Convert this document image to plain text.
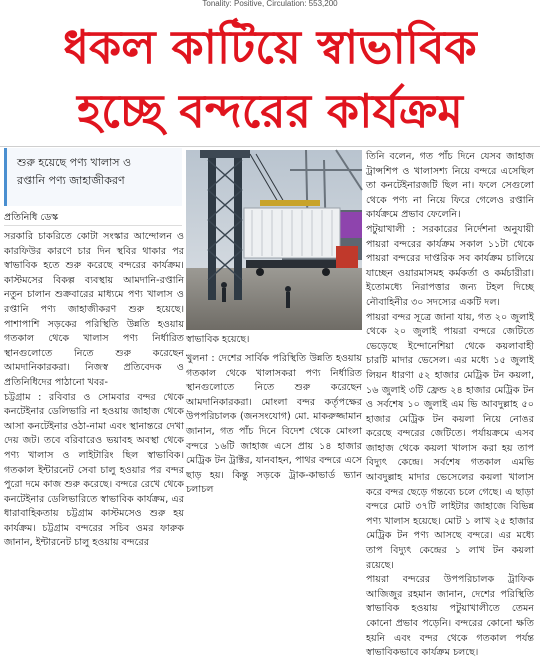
Tonality: Positive, Circulation: 553,200
ধকল কাটিয়ে স্বাভাবিক
হচ্ছে বন্দরের কার্যক্রম
শুরু হয়েছে পণ্য খালাস ও
রপ্তানি পণ্য জাহাজীকরণ
প্রতিনিধি ডেস্ক

সরকারি চাকরিতে কোটা সংস্কার আন্দোলন ও কারফিউর কারণে চার দিন স্থবির থাকার পর স্বাভাবিক হতে শুরু করেছে বন্দরের কার্যক্রম। কাস্টমসের বিকল্প ব্যবস্থায় আমদানি-রপ্তানি নতুন চালান শুক্রবারের মাধ্যমে পণ্য খালাস ও রপ্তানি পণ্য জাহাজীকরণ শুরু হয়েছে। পাশাপাশি সড়কের পরিস্থিতি উন্নতি হওয়ায় গতকাল থেকে খালাস পণ্য নির্ধারিত স্থানগুলোতে নিতে শুরু করেছেন আমদানিকারকরা। নিজস্ব প্রতিবেদক ও প্রতিনিধিদের পাঠানো খবর-

চট্টগ্রাম : রবিবার ও সোমবার বন্দর থেকে কনটেইনার ডেলিভারি না হওয়ায় জাহাজ থেকে আসা কনটেইনার ওঠা-নামা এবং স্থানান্তরে দেখা দেয় জট। তবে বরিবারেও ভয়াবহ অবস্থা থেকে পণ্য খালাস ও লাইটারিং ছিল স্বাভাবিক। গতকাল ইন্টারনেট সেবা চালু হওয়ার পর বন্দর পুরো দমে কাজ শুরু করেছে। বন্দরে রেখে থেকে কনটেইনার ডেলিভারিতে স্বাভাবিক কার্যক্রম, এর ধারাবাহিকতায় চট্টগ্রাম কাস্টমসেও শুরু হয় কার্যক্রম। চট্টগ্রাম বন্দরের সচিব ওমর ফারুক জানান, ইন্টারনেট চালু হওয়ায় বন্দরের

স্বাভাবিক হয়েছে।

খুলনা : দেশের সার্বিক পরিস্থিতি উন্নতি হওয়ায় গতকাল থেকে খালাসকরা পণ্য নির্ধারিত স্থানগুলোতে নিতে শুরু করেছেন আমদানিকারকরা। মোংলা বন্দর কর্তৃপক্ষের উপপরিচালক (জনসংযোগ) মো. মাকরুজ্জামান জানান, গত পাঁচ দিনে বিদেশ থেকে মোংলা বন্দরে ১৬টি জাহাজ এসে প্রায় ১৪ হাজার মেট্রিক টন ট্রাক্টর, যানবাহন, পাথর বন্দরে এসে ছাড় হয়। কিন্তু সড়কে ট্রাক-কাভার্ড ভ্যান চলাচল

তিনি বলেন, গত পাঁচ দিনে যেসব জাহাজ ট্রান্সশিপ ও খালাসশ্য নিয়ে বন্দরে এসেছিল তা কনটেইনারজটি ছিল না। ফলে সেগুলো থেকে পণ্য না নিয়ে ফিরে গেলেও রপ্তানি কার্যক্রমে প্রভাব ফেলেনি।

পটুয়াখালী : সরকারের নির্দেশনা অনুযায়ী পায়রা বন্দরের কার্যক্রম সকাল ১১টা থেকে পায়রা বন্দরের দাপ্তরিক সব কার্যক্রম চালিয়ে যাচ্ছেন ওয়ারমাসমহ কর্মকর্তা ও কর্মচারীরা। ইতোমধ্যে নিরাপত্তার জন্য টহল দিচ্ছে নৌবাহিনীর ৩০ সদস্যের একটি দল।

পায়রা বন্দর সূত্রে জানা যায়, গত ২০ জুলাই থেকে ২০ জুলাই পায়রা বন্দরে জেটিতে ভেড়েছে ইন্দোনেশিয়া থেকে কয়লাবাহী চারটি মাদার ভেসেল। এর মধ্যে ১৫ জুলাই লিয়ন ধারণা ৫২ হাজার মেট্রিক টন কয়লা, ১৬ জুলাই ৩টি ফ্রেন্ড ২৪ হাজার মেট্রিক টন ও সর্বশেষ ১০ জুলাই এম ভি আবদুল্লাহ ৫০ হাজার মেট্রিক টন কয়লা নিয়ে নোঙর করেছে বন্দরের জেটিতে। পর্যায়ক্রমে এসব জাহাজ থেকে কয়লা খালাস করা হয় তাপ বিদ্যুৎ কেন্দ্রে। সর্বশেষ গতকাল এমভি আবদুল্লাহ মাদার ভেসেলের কয়লা খালাস করে বন্দর ছেড়ে গন্তব্যে চলে গেছে। এ ছাড়া বন্দরে মোট ৩৭টি লাইটার জাহাজে বিভিন্ন পণ্য খালাস হয়েছে। মোট ১ লাখ ২৫ হাজার মেট্রিক টন পণ্য আসছে বন্দরে। এর মধ্যে তাপ বিদ্যুৎ কেন্দ্রের ১ লাখ টন কয়লা রয়েছে।

পায়রা বন্দরের উপপরিচালক ট্রাফিক আজিজুর রহমান জানান, দেশের পরিস্থিতি স্বাভাবিক হওয়ায় পটুয়াখালীতে তেমন কোনো প্রভাব পড়েনি। বন্দরের কোনো ক্ষতি হয়নি এবং বন্দর থেকে গতকাল পর্যন্ত স্বাভাবিকভাবে কার্যক্রম চলছে।
